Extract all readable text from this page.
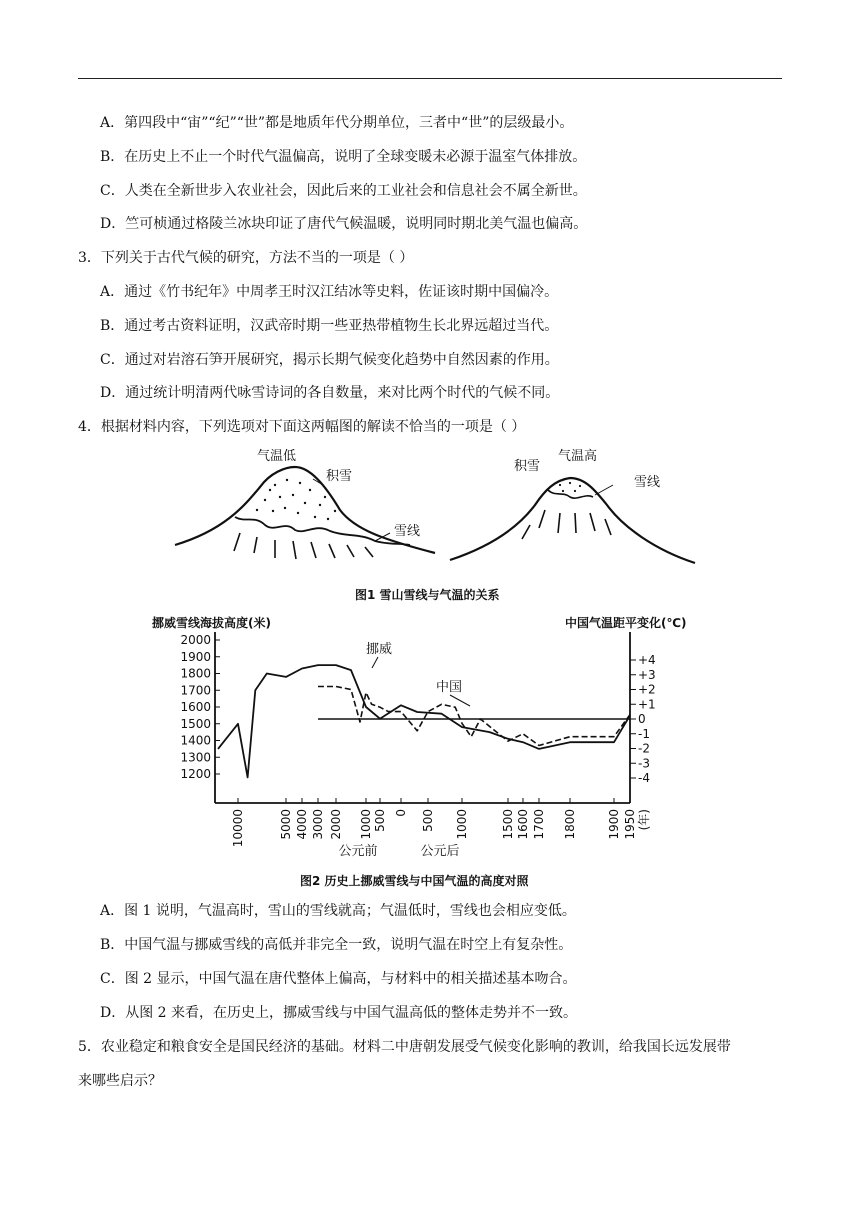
A．第四段中“宙”“纪”“世”都是地质年代分期单位，三者中“世”的层级最小。
B．在历史上不止一个时代气温偏高，说明了全球变暖未必源于温室气体排放。
C．人类在全新世步入农业社会，因此后来的工业社会和信息社会不属全新世。
D．竺可桢通过格陵兰冰块印证了唐代气候温暖，说明同时期北美气温也偏高。
3．下列关于古代气候的研究，方法不当的一项是（ ）
A．通过《竹书纪年》中周孝王时汉江结冰等史料，佐证该时期中国偏冷。
B．通过考古资料证明，汉武帝时期一些亚热带植物生长北界远超过当代。
C．通过对岩溶石笋开展研究，揭示长期气候变化趋势中自然因素的作用。
D．通过统计明清两代咏雪诗词的各自数量，来对比两个时代的气候不同。
4．根据材料内容，下列选项对下面这两幅图的解读不恰当的一项是（ ）
气温低
积雪
雪线
气温高
积雪
雪线
图1 雪山雪线与气温的关系
挪威雪线海拔高度(米)	中国气温距平变化(℃)
2000
1900
1800
1700
1600
1500
1400
1300
1200
+4
+3
+2
+1
0
-1
-2
-3
-4
10000	5000 4000 3000 2000 1000 500 0 500 1000	1500 1600 1700 1800	1900 1950 (年)
公元前	公元后
挪威
中国
图2 历史上挪威雪线与中国气温的高度对照
A．图 1 说明，气温高时，雪山的雪线就高；气温低时，雪线也会相应变低。
B．中国气温与挪威雪线的高低并非完全一致，说明气温在时空上有复杂性。
C．图 2 显示，中国气温在唐代整体上偏高，与材料中的相关描述基本吻合。
D．从图 2 来看，在历史上，挪威雪线与中国气温高低的整体走势并不一致。
5．农业稳定和粮食安全是国民经济的基础。材料二中唐朝发展受气候变化影响的教训，给我国长远发展带
来哪些启示？
